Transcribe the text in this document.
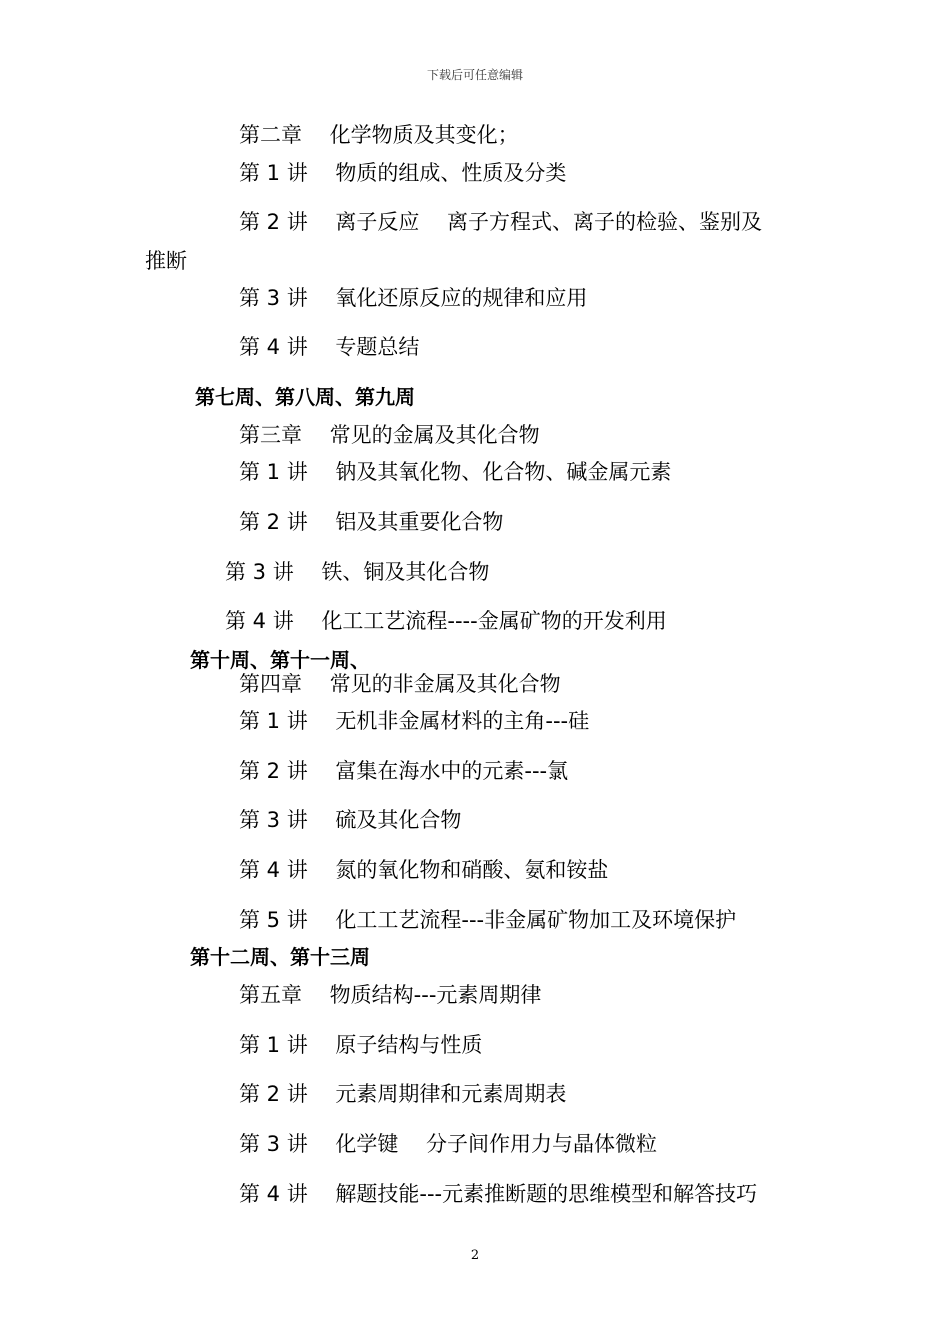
下载后可任意编辑
第二章　 化学物质及其变化；
第 1 讲　 物质的组成、性质及分类
第 2 讲　 离子反应　 离子方程式、离子的检验、鉴别及
推断
第 3 讲　 氧化还原反应的规律和应用
第 4 讲　 专题总结
第七周、第八周、第九周
第三章　 常见的金属及其化合物
第 1 讲　 钠及其氧化物、化合物、碱金属元素
第 2 讲　 铝及其重要化合物
第 3 讲　 铁、铜及其化合物
第 4 讲　 化工工艺流程----金属矿物的开发利用
第十周、第十一周、
第四章　 常见的非金属及其化合物
第 1 讲　 无机非金属材料的主角---硅
第 2 讲　 富集在海水中的元素---氯
第 3 讲　 硫及其化合物
第 4 讲　 氮的氧化物和硝酸、氨和铵盐
第 5 讲　 化工工艺流程---非金属矿物加工及环境保护
第十二周、第十三周
第五章　 物质结构---元素周期律
第 1 讲　 原子结构与性质
第 2 讲　 元素周期律和元素周期表
第 3 讲　 化学键　 分子间作用力与晶体微粒
第 4 讲　 解题技能---元素推断题的思维模型和解答技巧
2
